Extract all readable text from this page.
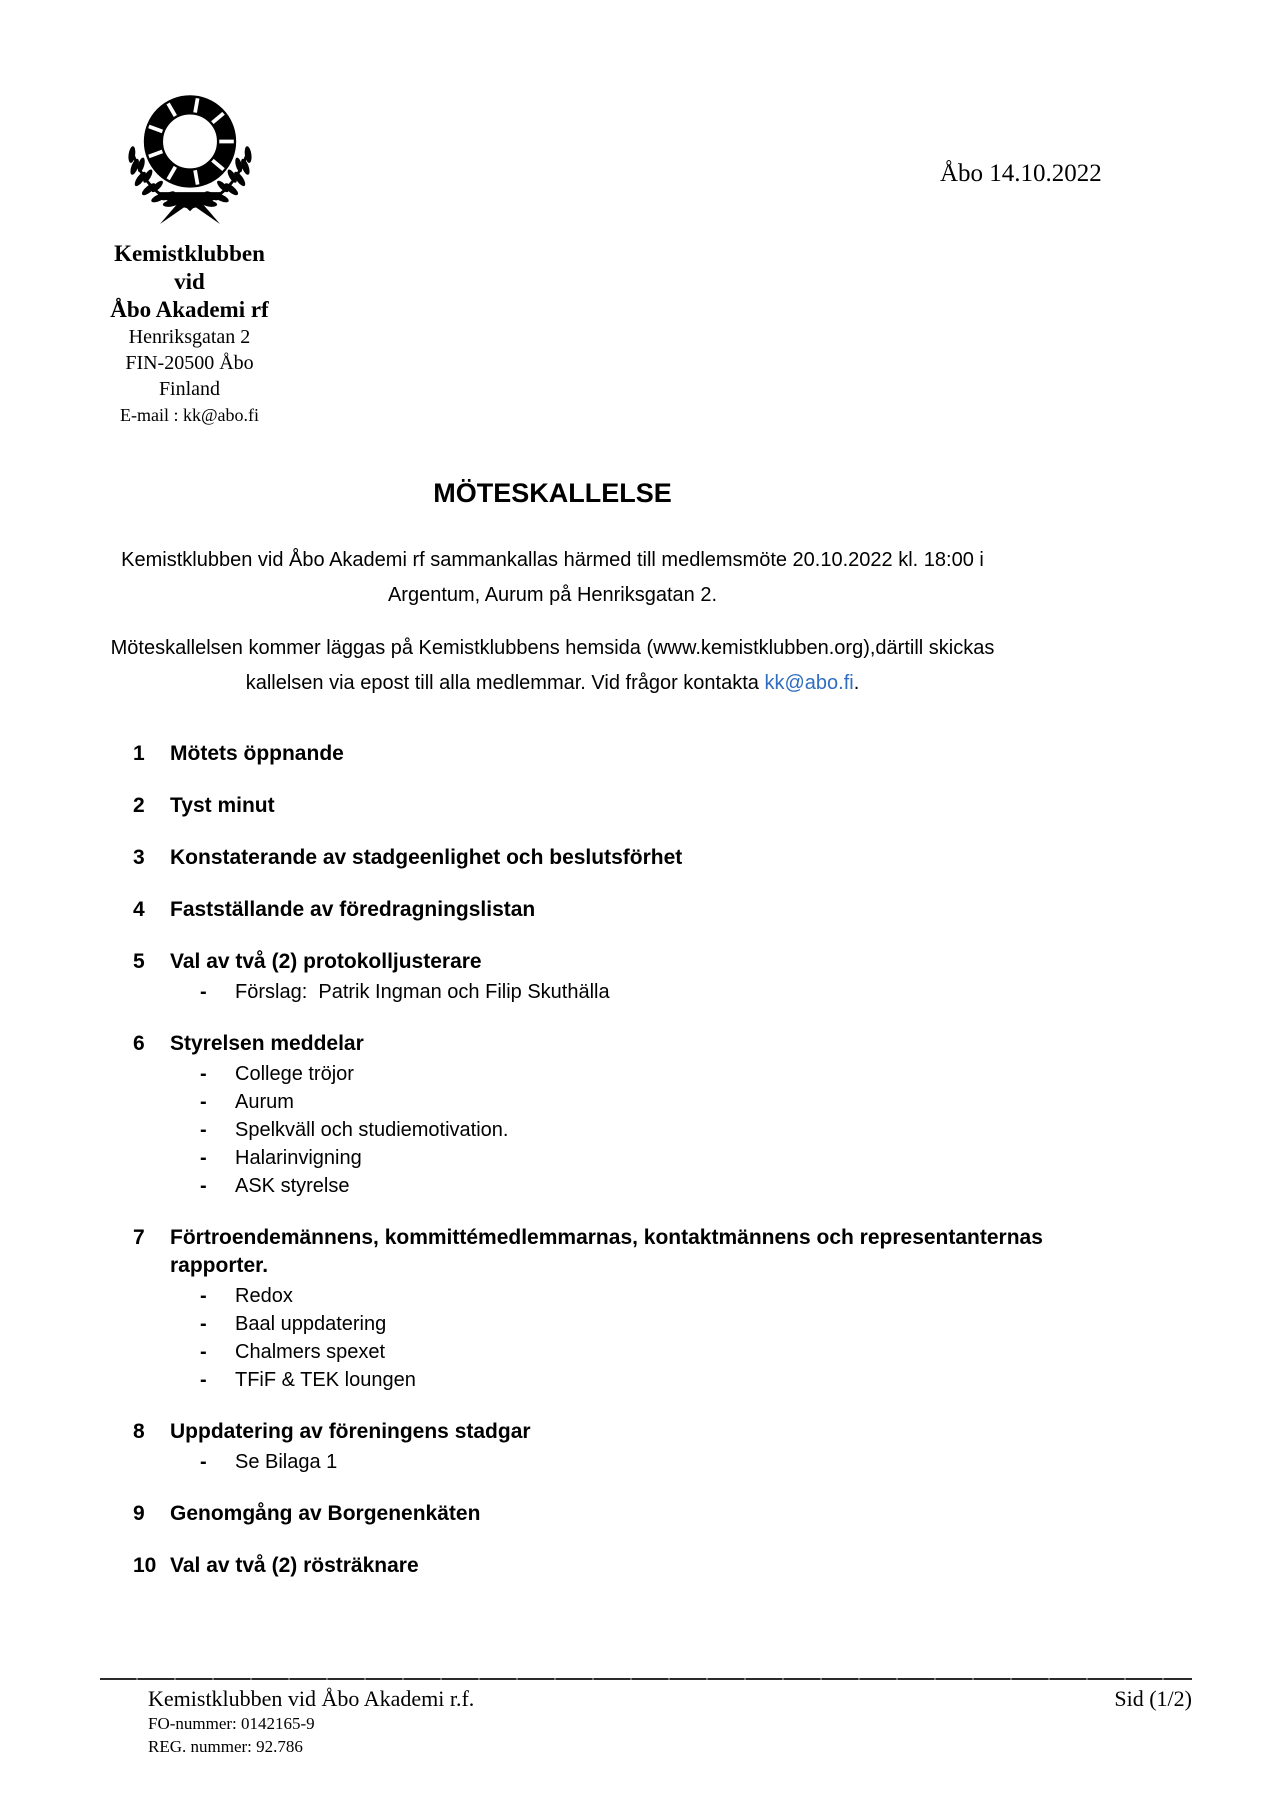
Kemistklubben
vid
Åbo Akademi rf
Henriksgatan 2
FIN-20500 Åbo
Finland
E-mail : kk@abo.fi
Åbo 14.10.2022
MÖTESKALLELSE
Kemistklubben vid Åbo Akademi rf sammankallas härmed till medlemsmöte 20.10.2022 kl. 18:00 i
Argentum, Aurum på Henriksgatan 2.
Möteskallelsen kommer läggas på Kemistklubbens hemsida (www.kemistklubben.org),därtill skickas
kallelsen via epost till alla medlemmar. Vid frågor kontakta kk@abo.fi.
1	Mötets öppnande
2	Tyst minut
3	Konstaterande av stadgeenlighet och beslutsförhet
4	Fastställande av föredragningslistan
5	Val av två (2) protokolljusterare
-	Förslag:  Patrik Ingman och Filip Skuthälla
6	Styrelsen meddelar
-	College tröjor
-	Aurum
-	Spelkväll och studiemotivation.
-	Halarinvigning
-	ASK styrelse
7	Förtroendemännens, kommittémedlemmarnas, kontaktmännens och representanternas
rapporter.
-	Redox
-	Baal uppdatering
-	Chalmers spexet
-	TFiF & TEK loungen
8	Uppdatering av föreningens stadgar
-	Se Bilaga 1
9	Genomgång av Borgenenkäten
10 Val av två (2) rösträknare
Kemistklubben vid Åbo Akademi r.f.	Sid (1/2)
FO-nummer: 0142165-9
REG. nummer: 92.786
